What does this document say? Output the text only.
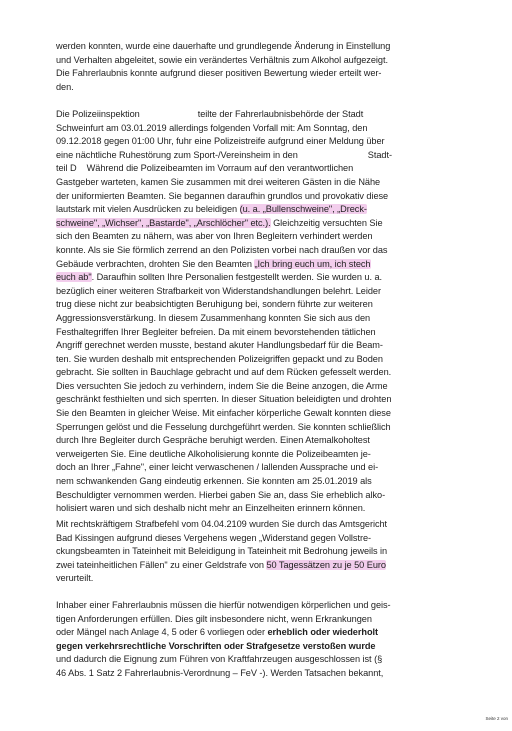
werden konnten, wurde eine dauerhafte und grundlegende Änderung in Einstellung
und Verhalten abgeleitet, sowie ein verändertes Verhältnis zum Alkohol aufgezeigt.
Die Fahrerlaubnis konnte aufgrund dieser positiven Bewertung wieder erteilt wer-
den.
Die Polizeiinspektion	teilte der Fahrerlaubnisbehörde der Stadt
Schweinfurt am 03.01.2019 allerdings folgenden Vorfall mit: Am Sonntag, den
09.12.2018 gegen 01:00 Uhr, fuhr eine Polizeistreife aufgrund einer Meldung über
eine nächtliche Ruhestörung zum Sport-/Vereinsheim in den	Stadt-
teil D Während die Polizeibeamten im Vorraum auf den verantwortlichen
Gastgeber warteten, kamen Sie zusammen mit drei weiteren Gästen in die Nähe
der uniformierten Beamten. Sie begannen daraufhin grundlos und provokativ diese
lautstark mit vielen Ausdrücken zu beleidigen (u. a. „Bullenschweine", „Dreck-
schweine", „Wichser", „Bastarde", „Arschlöcher" etc.). Gleichzeitig versuchten Sie
sich den Beamten zu nähern, was aber von Ihren Begleitern verhindert werden
konnte. Als sie Sie förmlich zerrend an den Polizisten vorbei nach draußen vor das
Gebäude verbrachten, drohten Sie den Beamten „Ich bring euch um, ich stech
euch ab". Daraufhin sollten Ihre Personalien festgestellt werden. Sie wurden u. a.
bezüglich einer weiteren Strafbarkeit von Widerstandshandlungen belehrt. Leider
trug diese nicht zur beabsichtigten Beruhigung bei, sondern führte zur weiteren
Aggressionsverstärkung. In diesem Zusammenhang konnten Sie sich aus den
Festhaltegriffen Ihrer Begleiter befreien. Da mit einem bevorstehenden tätlichen
Angriff gerechnet werden musste, bestand akuter Handlungsbedarf für die Beam-
ten. Sie wurden deshalb mit entsprechenden Polizeigriffen gepackt und zu Boden
gebracht. Sie sollten in Bauchlage gebracht und auf dem Rücken gefesselt werden.
Dies versuchten Sie jedoch zu verhindern, indem Sie die Beine anzogen, die Arme
geschränkt festhielten und sich sperrten. In dieser Situation beleidigten und drohten
Sie den Beamten in gleicher Weise. Mit einfacher körperliche Gewalt konnten diese
Sperrungen gelöst und die Fesselung durchgeführt werden. Sie konnten schließlich
durch Ihre Begleiter durch Gespräche beruhigt werden. Einen Atemalkoholtest
verweigerten Sie. Eine deutliche Alkoholisierung konnte die Polizeibeamten je-
doch an Ihrer „Fahne", einer leicht verwaschenen / lallenden Aussprache und ei-
nem schwankenden Gang eindeutig erkennen. Sie konnten am 25.01.2019 als
Beschuldigter vernommen werden. Hierbei gaben Sie an, dass Sie erheblich alko-
holisiert waren und sich deshalb nicht mehr an Einzelheiten erinnern können.
Mit rechtskräftigem Strafbefehl vom 04.04.2109 wurden Sie durch das Amtsgericht
Bad Kissingen aufgrund dieses Vergehens wegen „Widerstand gegen Vollstre-
ckungsbeamten in Tateinheit mit Beleidigung in Tateinheit mit Bedrohung jeweils in
zwei tateinheitlichen Fällen" zu einer Geldstrafe von 50 Tagessätzen zu je 50 Euro
verurteilt.
Inhaber einer Fahrerlaubnis müssen die hierfür notwendigen körperlichen und geis-
tigen Anforderungen erfüllen. Dies gilt insbesondere nicht, wenn Erkrankungen
oder Mängel nach Anlage 4, 5 oder 6 vorliegen oder erheblich oder wiederholt
gegen verkehrsrechtliche Vorschriften oder Strafgesetze verstoßen wurde
und dadurch die Eignung zum Führen von Kraftfahrzeugen ausgeschlossen ist (§
46 Abs. 1 Satz 2 Fahrerlaubnis-Verordnung – FeV -). Werden Tatsachen bekannt,
Seite 2 von
